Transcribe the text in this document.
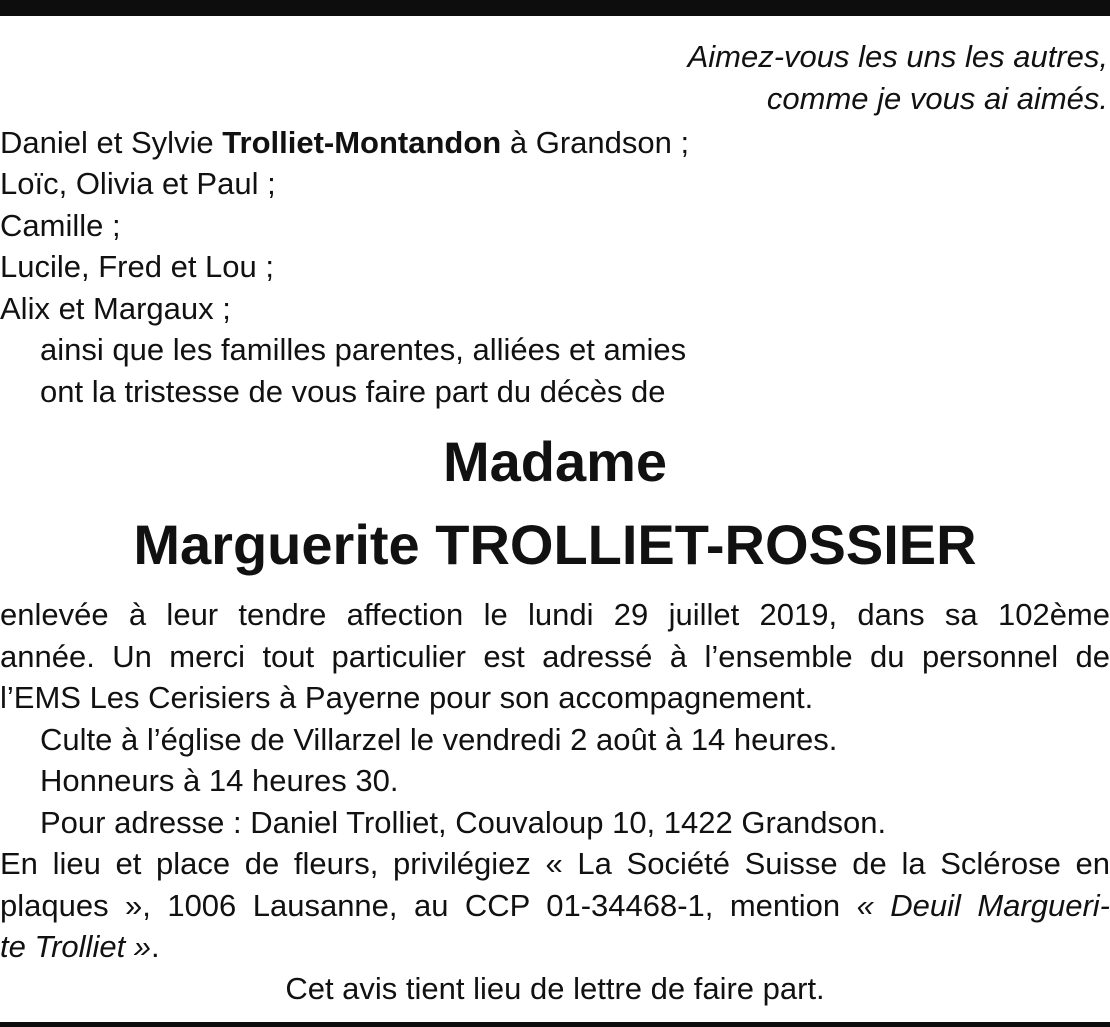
Aimez-vous les uns les autres,
comme je vous ai aimés.
Daniel et Sylvie Trolliet-Montandon à Grandson ;
Loïc, Olivia et Paul ;
Camille ;
Lucile, Fred et Lou ;
Alix et Margaux ;
ainsi que les familles parentes, alliées et amies
ont la tristesse de vous faire part du décès de
Madame
Marguerite TROLLIET-ROSSIER
enlevée à leur tendre affection le lundi 29 juillet 2019, dans sa 102ème
année. Un merci tout particulier est adressé à l’ensemble du personnel de
l’EMS Les Cerisiers à Payerne pour son accompagnement.
Culte à l’église de Villarzel le vendredi 2 août à 14 heures.
Honneurs à 14 heures 30.
Pour adresse : Daniel Trolliet, Couvaloup 10, 1422 Grandson.
En lieu et place de fleurs, privilégiez « La Société Suisse de la Sclérose en
plaques », 1006 Lausanne, au CCP 01-34468-1, mention « Deuil Margueri-
te Trolliet ».
Cet avis tient lieu de lettre de faire part.
